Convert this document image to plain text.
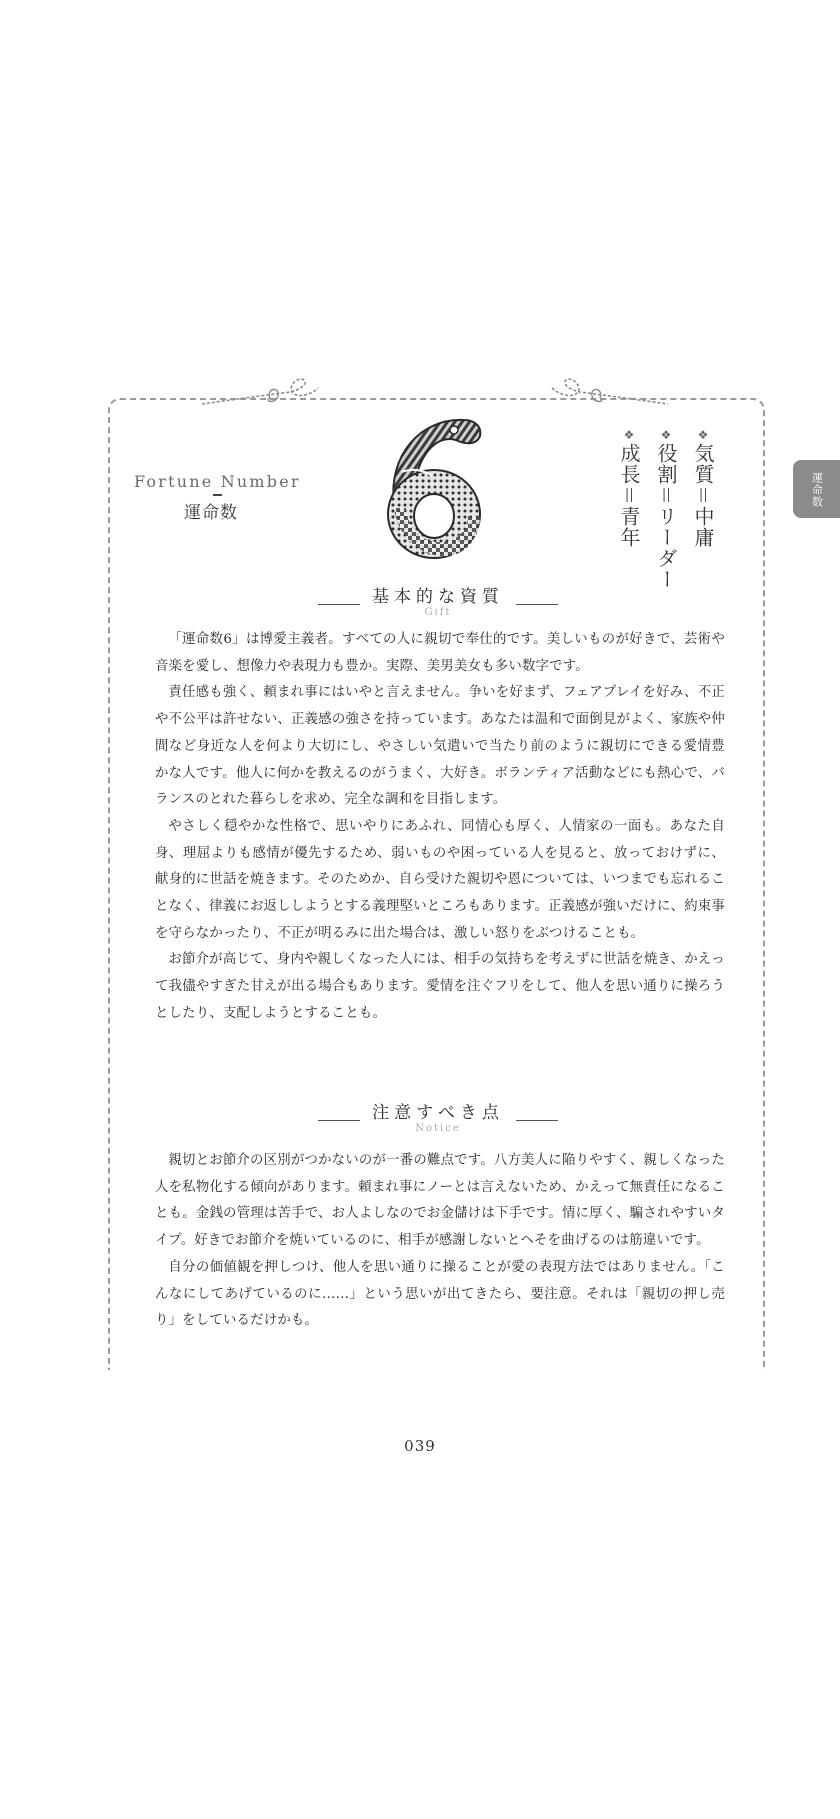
運命数
Fortune Number
運命数
❖気質＝中庸
❖役割＝リーダー
❖成長＝青年
基本的な資質
Gift

「運命数6」は博愛主義者。すべての人に親切で奉仕的です。美しいものが好きで、芸術や音楽を愛し、想像力や表現力も豊か。実際、美男美女も多い数字です。

責任感も強く、頼まれ事にはいやと言えません。争いを好まず、フェアプレイを好み、不正や不公平は許せない、正義感の強さを持っています。あなたは温和で面倒見がよく、家族や仲間など身近な人を何より大切にし、やさしい気遣いで当たり前のように親切にできる愛情豊かな人です。他人に何かを教えるのがうまく、大好き。ボランティア活動などにも熱心で、バランスのとれた暮らしを求め、完全な調和を目指します。

やさしく穏やかな性格で、思いやりにあふれ、同情心も厚く、人情家の一面も。あなた自身、理屈よりも感情が優先するため、弱いものや困っている人を見ると、放っておけずに、献身的に世話を焼きます。そのためか、自ら受けた親切や恩については、いつまでも忘れることなく、律義にお返ししようとする義理堅いところもあります。正義感が強いだけに、約束事を守らなかったり、不正が明るみに出た場合は、激しい怒りをぶつけることも。

お節介が高じて、身内や親しくなった人には、相手の気持ちを考えずに世話を焼き、かえって我儘やすぎた甘えが出る場合もあります。愛情を注ぐフリをして、他人を思い通りに操ろうとしたり、支配しようとすることも。

注意すべき点
Notice

親切とお節介の区別がつかないのが一番の難点です。八方美人に陥りやすく、親しくなった人を私物化する傾向があります。頼まれ事にノーとは言えないため、かえって無責任になることも。金銭の管理は苦手で、お人よしなのでお金儲けは下手です。情に厚く、騙されやすいタイプ。好きでお節介を焼いているのに、相手が感謝しないとヘそを曲げるのは筋違いです。

自分の価値観を押しつけ、他人を思い通りに操ることが愛の表現方法ではありません。「こんなにしてあげているのに……」という思いが出てきたら、要注意。それは「親切の押し売り」をしているだけかも。

039
